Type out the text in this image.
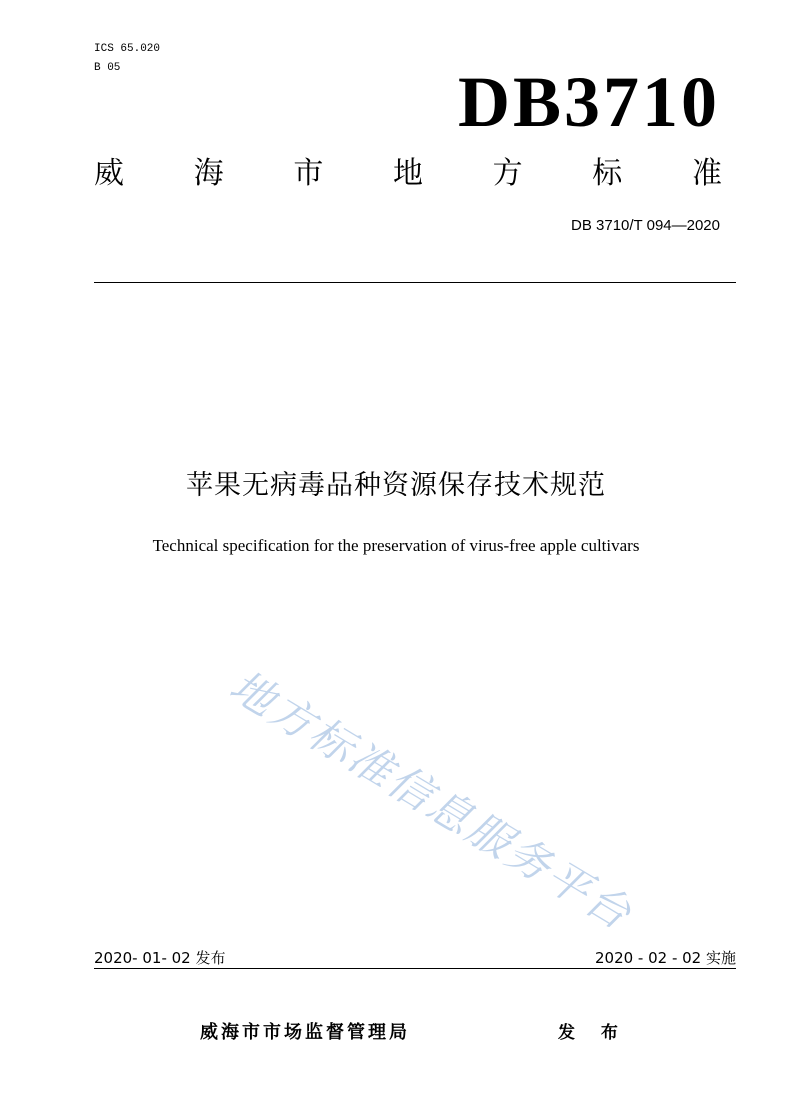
ICS 65.020
B 05	DB3710
威 海 市 地 方 标 准
DB 3710/T 094—2020
苹果无病毒品种资源保存技术规范
Technical specification for the preservation of virus-free apple cultivars
地方标准信息服务平台
2020- 01- 02 发布	2020 - 02 - 02 实施
威海市市场监督管理局	发 布
